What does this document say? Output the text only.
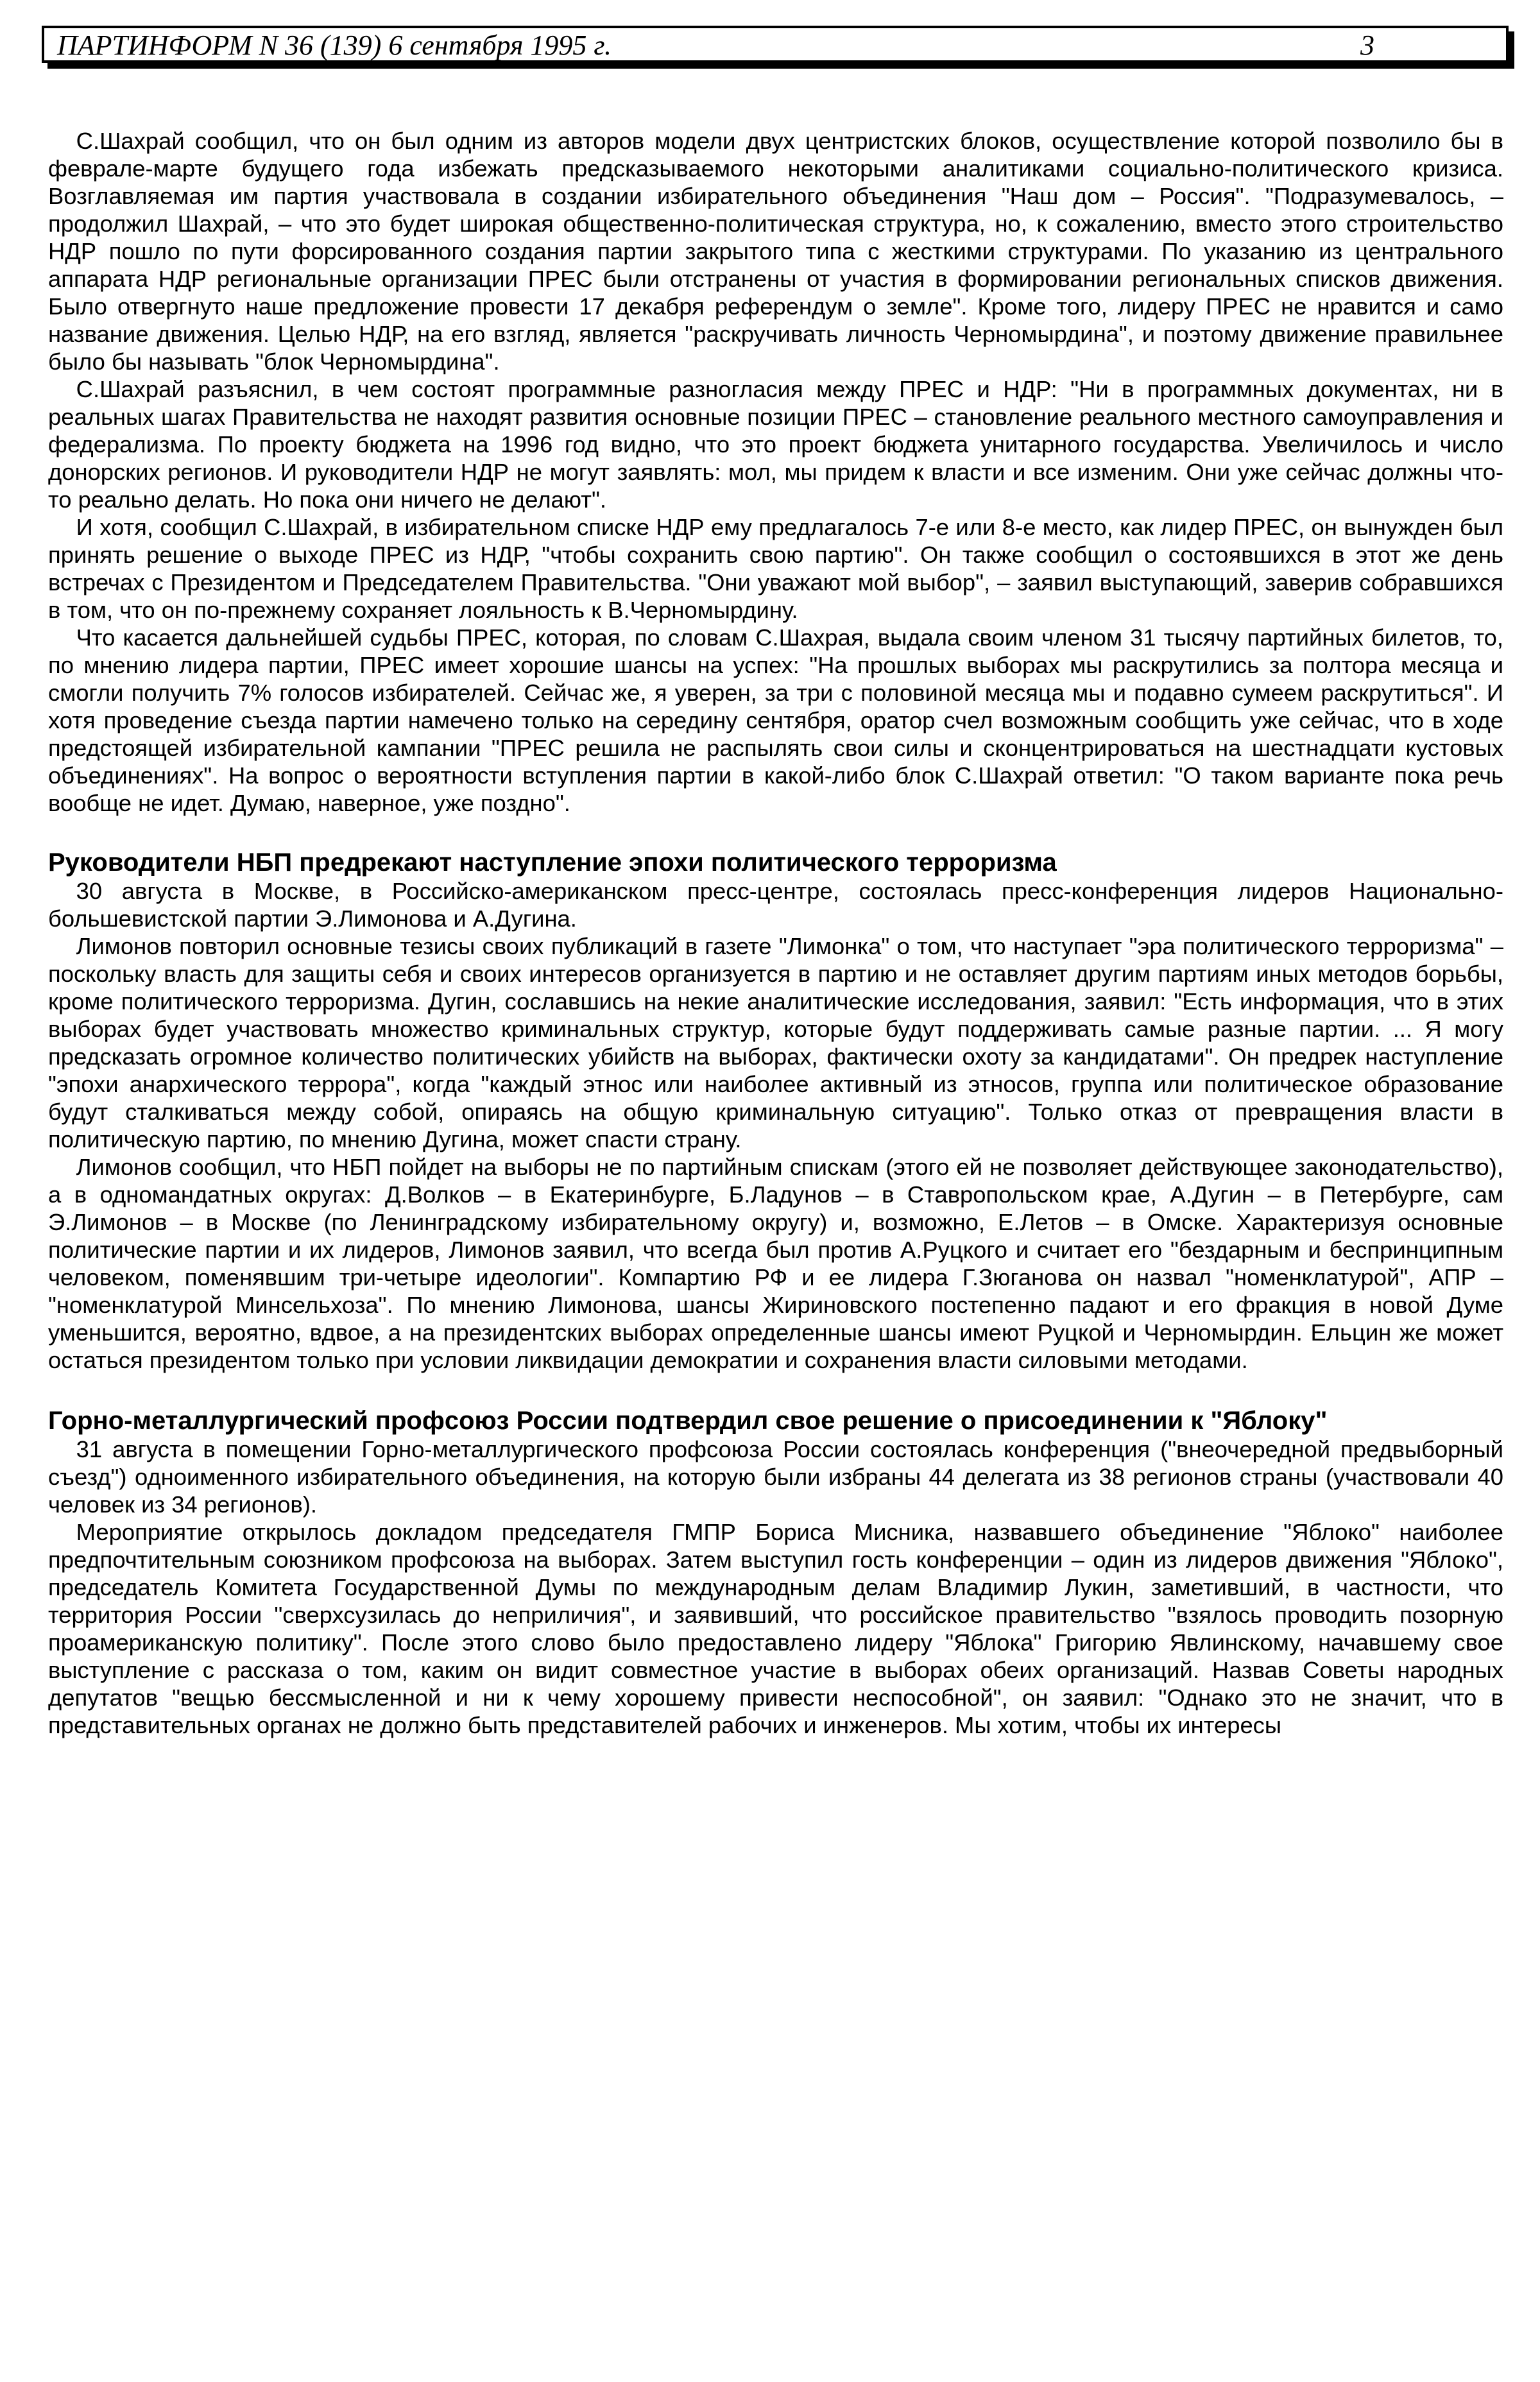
ПАРТИНФОРМ N 36 (139) 6 сентября 1995 г.	3

С.Шахрай сообщил, что он был одним из авторов модели двух центристских блоков, осуществление которой позволило бы в феврале-марте будущего года избежать предсказываемого некоторыми аналитиками социально-политического кризиса. Возглавляемая им партия участвовала в создании избирательного объединения "Наш дом – Россия". "Подразумевалось, – продолжил Шахрай, – что это будет широкая общественно-политическая структура, но, к сожалению, вместо этого строительство НДР пошло по пути форсированного создания партии закрытого типа с жесткими структурами. По указанию из центрального аппарата НДР региональные организации ПРЕС были отстранены от участия в формировании региональных списков движения. Было отвергнуто наше предложение провести 17 декабря референдум о земле". Кроме того, лидеру ПРЕС не нравится и само название движения. Целью НДР, на его взгляд, является "раскручивать личность Черномырдина", и поэтому движение правильнее было бы называть "блок Черномырдина".

С.Шахрай разъяснил, в чем состоят программные разногласия между ПРЕС и НДР: "Ни в программных документах, ни в реальных шагах Правительства не находят развития основные позиции ПРЕС – становление реального местного самоуправления и федерализма. По проекту бюджета на 1996 год видно, что это проект бюджета унитарного государства. Увеличилось и число донорских регионов. И руководители НДР не могут заявлять: мол, мы придем к власти и все изменим. Они уже сейчас должны что-то реально делать. Но пока они ничего не делают".

И хотя, сообщил С.Шахрай, в избирательном списке НДР ему предлагалось 7-е или 8-е место, как лидер ПРЕС, он вынужден был принять решение о выходе ПРЕС из НДР, "чтобы сохранить свою партию". Он также сообщил о состоявшихся в этот же день встречах с Президентом и Председателем Правительства. "Они уважают мой выбор", – заявил выступающий, заверив собравшихся в том, что он по-прежнему сохраняет лояльность к В.Черномырдину.

Что касается дальнейшей судьбы ПРЕС, которая, по словам С.Шахрая, выдала своим членом 31 тысячу партийных билетов, то, по мнению лидера партии, ПРЕС имеет хорошие шансы на успех: "На прошлых выборах мы раскрутились за полтора месяца и смогли получить 7% голосов избирателей. Сейчас же, я уверен, за три с половиной месяца мы и подавно сумеем раскрутиться". И хотя проведение съезда партии намечено только на середину сентября, оратор счел возможным сообщить уже сейчас, что в ходе предстоящей избирательной кампании "ПРЕС решила не распылять свои силы и сконцентрироваться на шестнадцати кустовых объединениях". На вопрос о вероятности вступления партии в какой-либо блок С.Шахрай ответил: "О таком варианте пока речь вообще не идет. Думаю, наверное, уже поздно".

Руководители НБП предрекают наступление эпохи политического терроризма

30 августа в Москве, в Российско-американском пресс-центре, состоялась пресс-конференция лидеров Национально-большевистской партии Э.Лимонова и А.Дугина.

Лимонов повторил основные тезисы своих публикаций в газете "Лимонка" о том, что наступает "эра политического терроризма" – поскольку власть для защиты себя и своих интересов организуется в партию и не оставляет другим партиям иных методов борьбы, кроме политического терроризма. Дугин, сославшись на некие аналитические исследования, заявил: "Есть информация, что в этих выборах будет участвовать множество криминальных структур, которые будут поддерживать самые разные партии. ... Я могу предсказать огромное количество политических убийств на выборах, фактически охоту за кандидатами". Он предрек наступление "эпохи анархического террора", когда "каждый этнос или наиболее активный из этносов, группа или политическое образование будут сталкиваться между собой, опираясь на общую криминальную ситуацию". Только отказ от превращения власти в политическую партию, по мнению Дугина, может спасти страну.

Лимонов сообщил, что НБП пойдет на выборы не по партийным спискам (этого ей не позволяет действующее законодательство), а в одномандатных округах: Д.Волков – в Екатеринбурге, Б.Ладунов – в Ставропольском крае, А.Дугин – в Петербурге, сам Э.Лимонов – в Москве (по Ленинградскому избирательному округу) и, возможно, Е.Летов – в Омске. Характеризуя основные политические партии и их лидеров, Лимонов заявил, что всегда был против А.Руцкого и считает его "бездарным и беспринципным человеком, поменявшим три-четыре идеологии". Компартию РФ и ее лидера Г.Зюганова он назвал "номенклатурой", АПР – "номенклатурой Минсельхоза". По мнению Лимонова, шансы Жириновского постепенно падают и его фракция в новой Думе уменьшится, вероятно, вдвое, а на президентских выборах определенные шансы имеют Руцкой и Черномырдин. Ельцин же может остаться президентом только при условии ликвидации демократии и сохранения власти силовыми методами.

Горно-металлургический профсоюз России подтвердил свое решение о присоединении к "Яблоку"

31 августа в помещении Горно-металлургического профсоюза России состоялась конференция ("внеочередной предвыборный съезд") одноименного избирательного объединения, на которую были избраны 44 делегата из 38 регионов страны (участвовали 40 человек из 34 регионов).

Мероприятие открылось докладом председателя ГМПР Бориса Мисника, назвавшего объединение "Яблоко" наиболее предпочтительным союзником профсоюза на выборах. Затем выступил гость конференции – один из лидеров движения "Яблоко", председатель Комитета Государственной Думы по международным делам Владимир Лукин, заметивший, в частности, что территория России "сверхсузилась до неприличия", и заявивший, что российское правительство "взялось проводить позорную проамериканскую политику". После этого слово было предоставлено лидеру "Яблока" Григорию Явлинскому, начавшему свое выступление с рассказа о том, каким он видит совместное участие в выборах обеих организаций. Назвав Советы народных депутатов "вещью бессмысленной и ни к чему хорошему привести неспособной", он заявил: "Однако это не значит, что в представительных органах не должно быть представителей рабочих и инженеров. Мы хотим, чтобы их интересы
